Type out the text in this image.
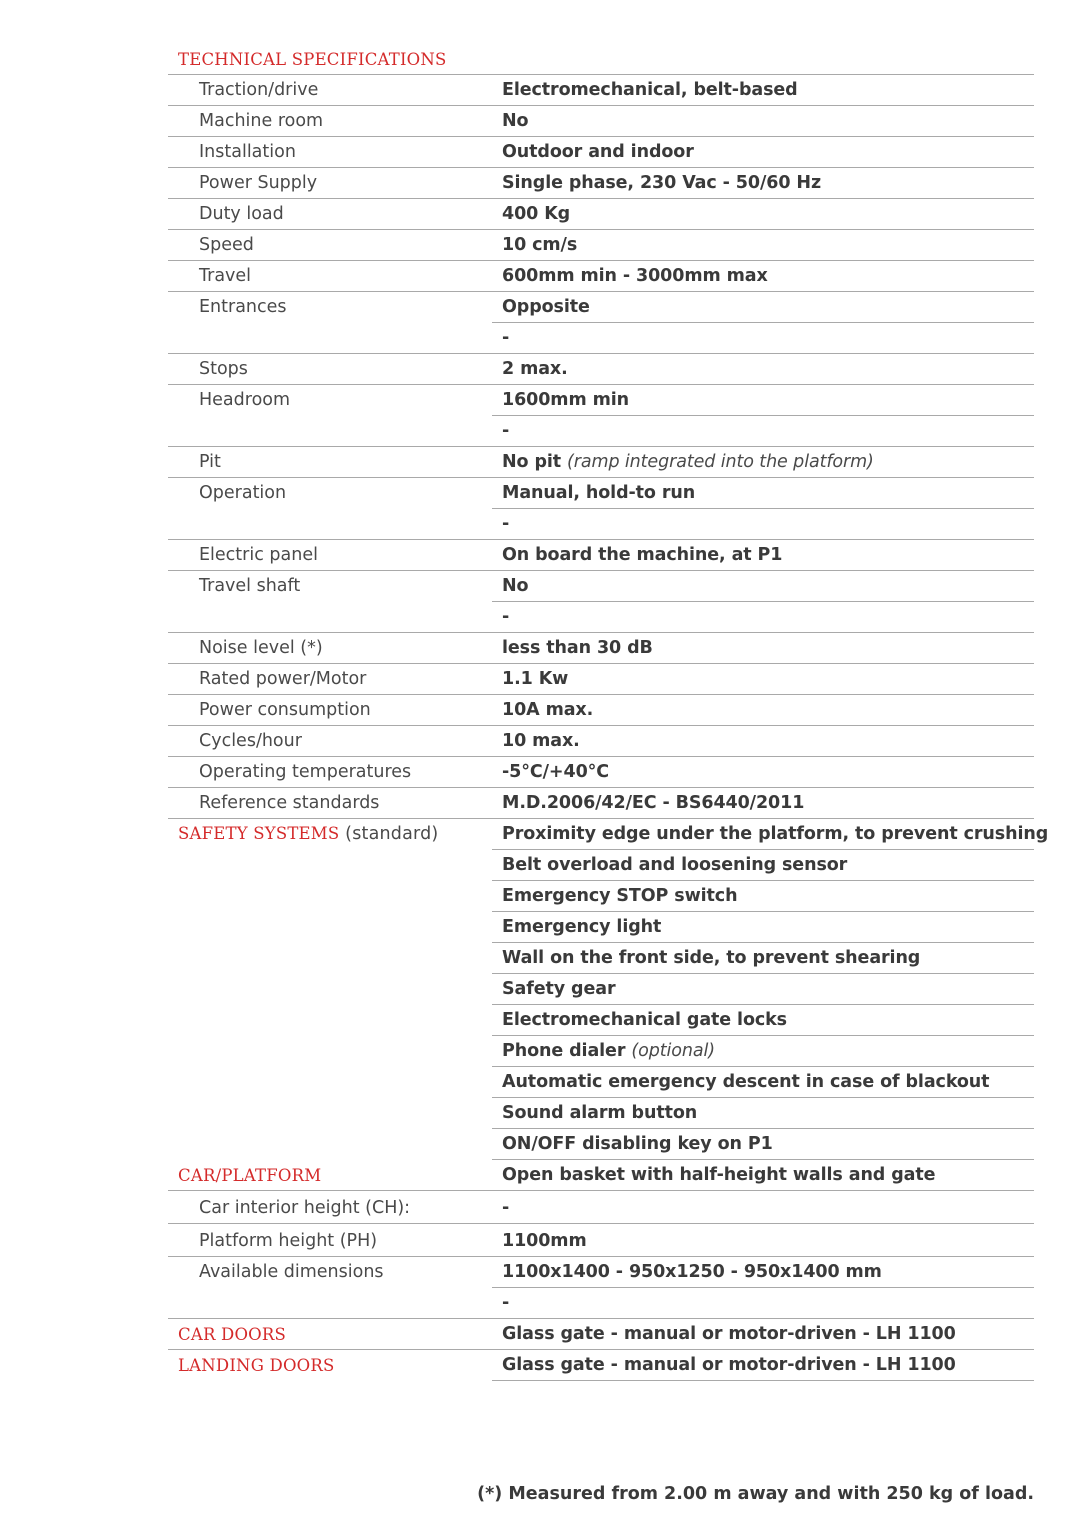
TECHNICAL SPECIFICATIONS
Traction/drive	Electromechanical, belt-based
Machine room	No
Installation	Outdoor and indoor
Power Supply	Single phase, 230 Vac - 50/60 Hz
Duty load	400 Kg
Speed	10 cm/s
Travel	600mm min - 3000mm max
Entrances	Opposite
-
Stops	2 max.
Headroom	1600mm min
-
Pit	No pit (ramp integrated into the platform)
Operation	Manual, hold-to run
-
Electric panel	On board the machine, at P1
Travel shaft	No
-
Noise level (*)	less than 30 dB
Rated power/Motor	1.1 Kw
Power consumption	10A max.
Cycles/hour	10 max.
Operating temperatures	-5°C/+40°C
Reference standards	M.D.2006/42/EC - BS6440/2011
SAFETY SYSTEMS (standard)	Proximity edge under the platform, to prevent crushing
Belt overload and loosening sensor
Emergency STOP switch
Emergency light
Wall on the front side, to prevent shearing
Safety gear
Electromechanical gate locks
Phone dialer (optional)
Automatic emergency descent in case of blackout
Sound alarm button
ON/OFF disabling key on P1
CAR/PLATFORM	Open basket with half-height walls and gate
Car interior height (CH):	-
Platform height (PH)	1100mm
Available dimensions	1100x1400 - 950x1250 - 950x1400 mm
-
CAR DOORS	Glass gate - manual or motor-driven - LH 1100
LANDING DOORS	Glass gate - manual or motor-driven - LH 1100
(*) Measured from 2.00 m away and with 250 kg of load.
